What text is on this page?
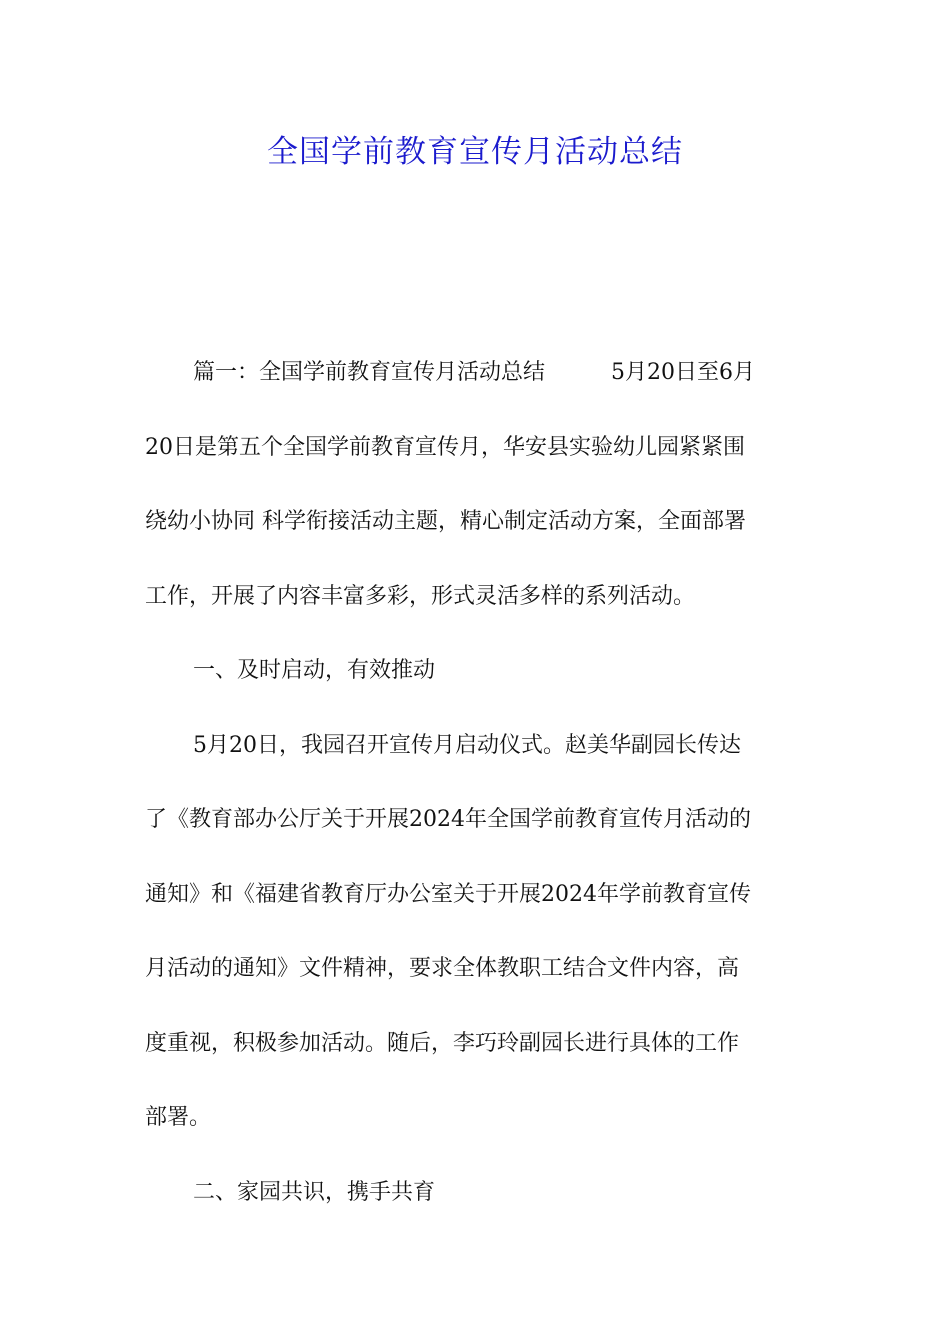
全国学前教育宣传月活动总结
篇一：全国学前教育宣传月活动总结　　　5月20日至6月
20日是第五个全国学前教育宣传月，华安县实验幼儿园紧紧围
绕幼小协同 科学衔接活动主题，精心制定活动方案，全面部署
工作，开展了内容丰富多彩，形式灵活多样的系列活动。
一、及时启动，有效推动
5月20日，我园召开宣传月启动仪式。赵美华副园长传达
了《教育部办公厅关于开展2024年全国学前教育宣传月活动的
通知》和《福建省教育厅办公室关于开展2024年学前教育宣传
月活动的通知》文件精神，要求全体教职工结合文件内容，高
度重视，积极参加活动。随后，李巧玲副园长进行具体的工作
部署。
二、家园共识，携手共育
